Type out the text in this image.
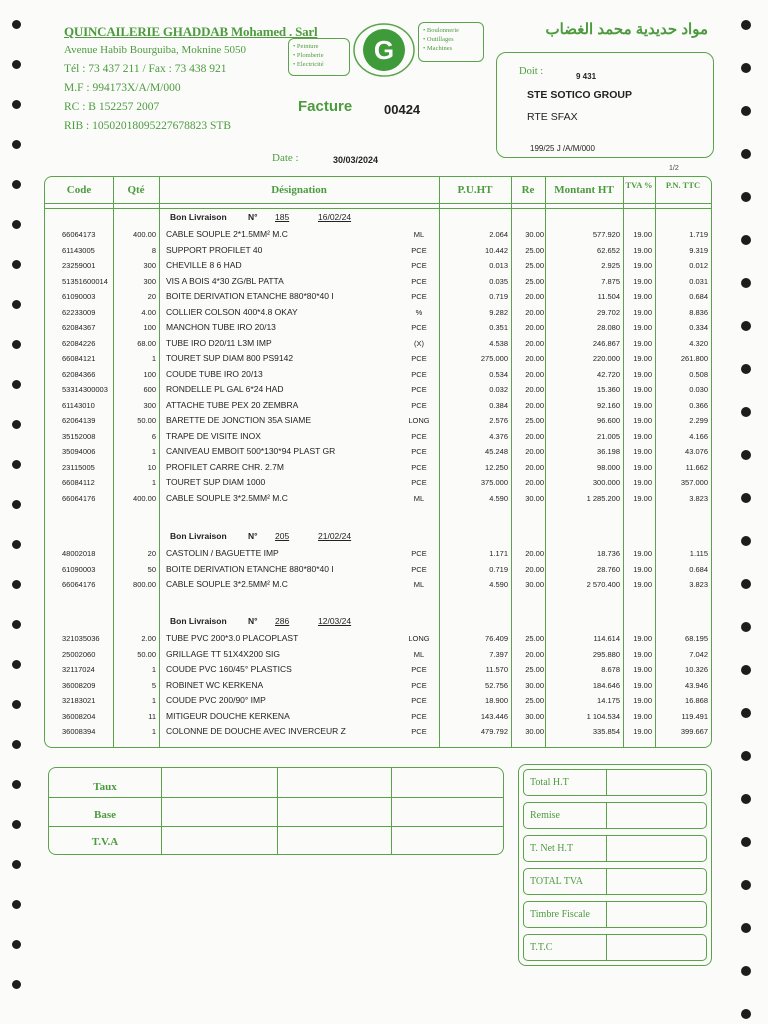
QUINCAILERIE GHADDAB Mohamed . Sarl
Avenue Habib Bourguiba, Moknine 5050
Tél : 73 437 211 / Fax : 73 438 921
M.F : 994173X/A/M/000
RC : B 152257 2007
RIB : 10502018095227678823 STB
• Peinture
• Plomberie
• Electricité	G
• Boulonnerie
• Outillages
• Machines
مواد حديدية محمد الغضاب
Facture 00424
Date :	30/03/2024
Doit :	9 431
STE SOTICO GROUP
RTE SFAX
199/25 J /A/M/000
1/2
Code	Qté	Désignation	P.U.HT	Re	Montant HT	TVA %	P.N. TTC
Bon Livraison	N° 185	16/02/24
66064173	400.00 CABLE SOUPLE 2*1.5MM² M.C	ML	2.064	30.00	577.920	19.00	1.719
61143005	8 SUPPORT PROFILET 40	PCE	10.442	25.00	62.652	19.00	9.319
23259001	300 CHEVILLE 8 6 HAD	PCE	0.013	25.00	2.925	19.00	0.012
51351600014	300 VIS A BOIS 4*30 ZG/BL PATTA	PCE	0.035	25.00	7.875	19.00	0.031
61090003	20 BOITE DERIVATION ETANCHE 880*80*40 I	PCE	0.719	20.00	11.504	19.00	0.684
62233009	4.00 COLLIER COLSON 400*4.8 OKAY	%	9.282	20.00	29.702	19.00	8.836
62084367	100 MANCHON TUBE IRO 20/13	PCE	0.351	20.00	28.080	19.00	0.334
62084226	68.00 TUBE IRO D20/11 L3M IMP	(X)	4.538	20.00	246.867	19.00	4.320
66084121	1 TOURET SUP DIAM 800 PS9142	PCE	275.000	20.00	220.000	19.00	261.800
62084366	100 COUDE TUBE IRO 20/13	PCE	0.534	20.00	42.720	19.00	0.508
53314300003	600 RONDELLE PL GAL 6*24 HAD	PCE	0.032	20.00	15.360	19.00	0.030
61143010	300 ATTACHE TUBE PEX 20 ZEMBRA	PCE	0.384	20.00	92.160	19.00	0.366
62064139	50.00 BARETTE DE JONCTION 35A SIAME	LONG	2.576	25.00	96.600	19.00	2.299
35152008	6 TRAPE DE VISITE INOX	PCE	4.376	20.00	21.005	19.00	4.166
35094006	1 CANIVEAU EMBOIT 500*130*94 PLAST GR	PCE	45.248	20.00	36.198	19.00	43.076
23115005	10 PROFILET CARRE CHR. 2.7M	PCE	12.250	20.00	98.000	19.00	11.662
66084112	1 TOURET SUP DIAM 1000	PCE	375.000	20.00	300.000	19.00	357.000
66064176	400.00 CABLE SOUPLE 3*2.5MM² M.C	ML	4.590	30.00	1 285.200	19.00	3.823
Bon Livraison	N° 205	21/02/24
48002018	20 CASTOLIN / BAGUETTE IMP	PCE	1.171	20.00	18.736	19.00	1.115
61090003	50 BOITE DERIVATION ETANCHE 880*80*40 I	PCE	0.719	20.00	28.760	19.00	0.684
66064176	800.00 CABLE SOUPLE 3*2.5MM² M.C	ML	4.590	30.00	2 570.400	19.00	3.823
Bon Livraison	N° 286	12/03/24
321035036	2.00 TUBE PVC 200*3.0 PLACOPLAST	LONG	76.409	25.00	114.614	19.00	68.195
25002060	50.00 GRILLAGE TT 51X4X200 SIG	ML	7.397	20.00	295.880	19.00	7.042
32117024	1 COUDE PVC 160/45° PLASTICS	PCE	11.570	25.00	8.678	19.00	10.326
36008209	5 ROBINET WC KERKENA	PCE	52.756	30.00	184.646	19.00	43.946
32183021	1 COUDE PVC 200/90° IMP	PCE	18.900	25.00	14.175	19.00	16.868
36008204	11 MITIGEUR DOUCHE KERKENA	PCE	143.446	30.00	1 104.534	19.00	119.491
36008394	1 COLONNE DE DOUCHE AVEC INVERCEUR Z	PCE	479.792	30.00	335.854	19.00	399.667
Taux
Base
T.V.A
Total H.T
Remise
T. Net H.T
TOTAL TVA
Timbre Fiscale
T.T.C
